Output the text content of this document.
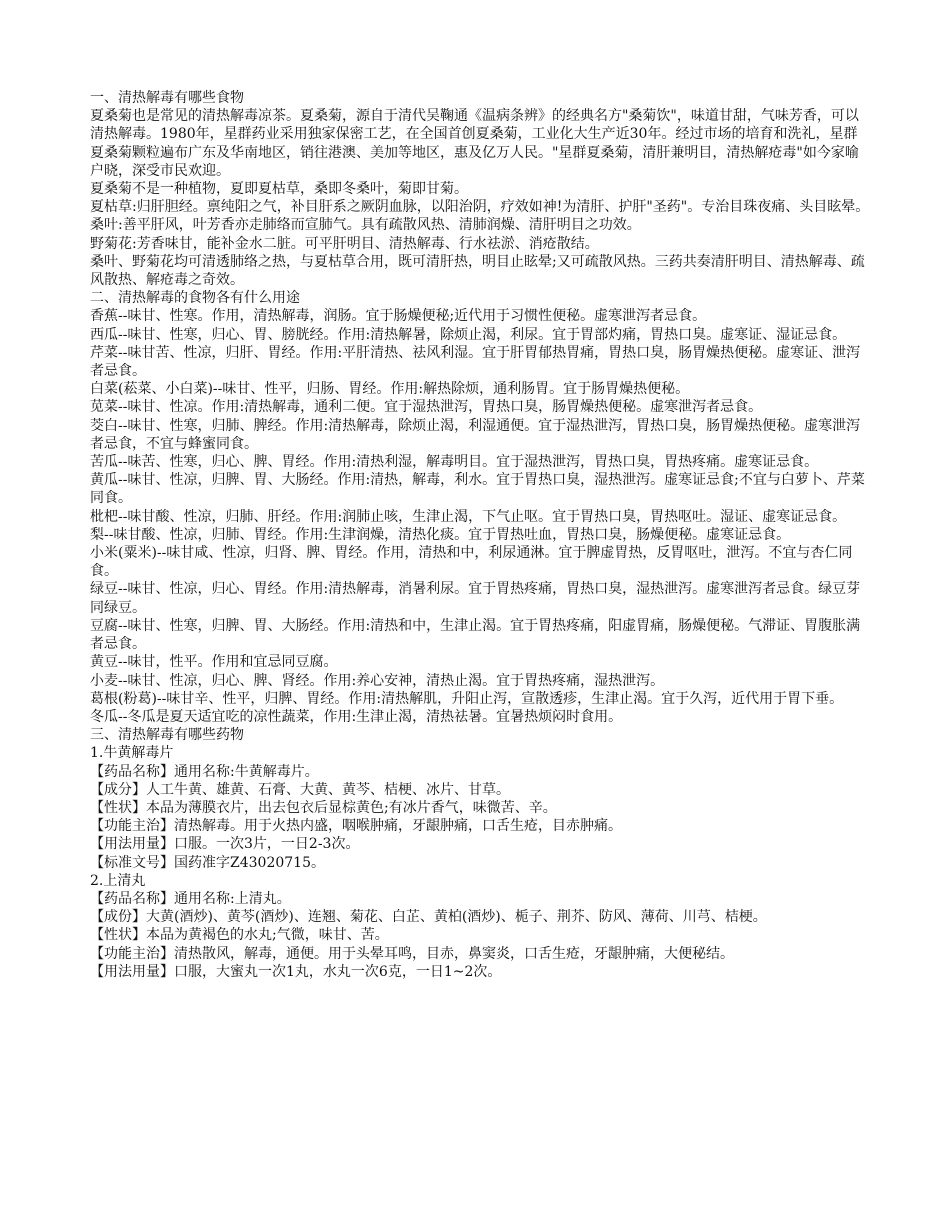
一、清热解毒有哪些食物

夏桑菊也是常见的清热解毒凉茶。夏桑菊，源自于清代吴鞠通《温病条辨》的经典名方"桑菊饮"，味道甘甜，气味芳香，可以清热解毒。1980年，星群药业采用独家保密工艺，在全国首创夏桑菊，工业化大生产近30年。经过市场的培育和洗礼，星群夏桑菊颗粒遍布广东及华南地区，销往港澳、美加等地区，惠及亿万人民。"星群夏桑菊，清肝兼明目，清热解疮毒"如今家喻户晓，深受市民欢迎。

夏桑菊不是一种植物，夏即夏枯草，桑即冬桑叶，菊即甘菊。

夏枯草:归肝胆经。禀纯阳之气，补目肝系之厥阴血脉，以阳治阴，疗效如神!为清肝、护肝"圣药"。专治目珠夜痛、头目眩晕。

桑叶:善平肝风，叶芳香亦走肺络而宣肺气。具有疏散风热、清肺润燥、清肝明目之功效。

野菊花:芳香味甘，能补金水二脏。可平肝明目、清热解毒、行水祛淤、消疮散结。

桑叶、野菊花均可清透肺络之热，与夏枯草合用，既可清肝热，明目止眩晕;又可疏散风热。三药共奏清肝明目、清热解毒、疏风散热、解疮毒之奇效。

二、清热解毒的食物各有什么用途

香蕉--味甘、性寒。作用，清热解毒，润肠。宜于肠燥便秘;近代用于习惯性便秘。虚寒泄泻者忌食。

西瓜--味甘、性寒，归心、胃、膀胱经。作用:清热解暑，除烦止渴，利尿。宜于胃部灼痛，胃热口臭。虚寒证、湿证忌食。

芹菜--味甘苦、性凉，归肝、胃经。作用:平肝清热、祛风利湿。宜于肝胃郁热胃痛，胃热口臭，肠胃燥热便秘。虚寒证、泄泻者忌食。

白菜(菘菜、小白菜)--味甘、性平，归肠、胃经。作用:解热除烦，通利肠胃。宜于肠胃燥热便秘。

苋菜--味甘、性凉。作用:清热解毒，通利二便。宜于湿热泄泻，胃热口臭，肠胃燥热便秘。虚寒泄泻者忌食。

茭白--味甘、性寒，归肺、脾经。作用:清热解毒，除烦止渴，利湿通便。宜于湿热泄泻，胃热口臭，肠胃燥热便秘。虚寒泄泻者忌食，不宜与蜂蜜同食。

苦瓜--味苦、性寒，归心、脾、胃经。作用:清热利湿，解毒明目。宜于湿热泄泻，胃热口臭，胃热疼痛。虚寒证忌食。

黄瓜--味甘、性凉，归脾、胃、大肠经。作用:清热，解毒，利水。宜于胃热口臭，湿热泄泻。虚寒证忌食;不宜与白萝卜、芹菜同食。

枇杷--味甘酸、性凉，归肺、肝经。作用:润肺止咳，生津止渴，下气止呕。宜于胃热口臭，胃热呕吐。湿证、虚寒证忌食。

梨--味甘酸、性凉，归肺、胃经。作用:生津润燥，清热化痰。宜于胃热吐血，胃热口臭，肠燥便秘。虚寒证忌食。

小米(粟米)--味甘咸、性凉，归肾、脾、胃经。作用，清热和中，利尿通淋。宜于脾虚胃热，反胃呕吐，泄泻。不宜与杏仁同食。

绿豆--味甘、性凉，归心、胃经。作用:清热解毒，消暑利尿。宜于胃热疼痛，胃热口臭，湿热泄泻。虚寒泄泻者忌食。绿豆芽同绿豆。

豆腐--味甘、性寒，归脾、胃、大肠经。作用:清热和中，生津止渴。宜于胃热疼痛，阳虚胃痛，肠燥便秘。气滞证、胃腹胀满者忌食。

黄豆--味甘，性平。作用和宜忌同豆腐。

小麦--味甘、性凉，归心、脾、肾经。作用:养心安神，清热止渴。宜于胃热疼痛，湿热泄泻。

葛根(粉葛)--味甘辛、性平，归脾、胃经。作用:清热解肌，升阳止泻，宣散透疹，生津止渴。宜于久泻，近代用于胃下垂。

冬瓜--冬瓜是夏天适宜吃的凉性蔬菜，作用:生津止渴，清热祛暑。宜暑热烦闷时食用。

三、清热解毒有哪些药物

1.牛黄解毒片

【药品名称】通用名称:牛黄解毒片。

【成分】人工牛黄、雄黄、石膏、大黄、黄芩、桔梗、冰片、甘草。

【性状】本品为薄膜衣片，出去包衣后显棕黄色;有冰片香气，味微苦、辛。

【功能主治】清热解毒。用于火热内盛，咽喉肿痛，牙龈肿痛，口舌生疮，目赤肿痛。

【用法用量】口服。一次3片，一日2-3次。

【标准文号】国药准字Z43020715。

2.上清丸

【药品名称】通用名称:上清丸。

【成份】大黄(酒炒)、黄芩(酒炒)、连翘、菊花、白芷、黄柏(酒炒)、栀子、荆芥、防风、薄荷、川芎、桔梗。

【性状】本品为黄褐色的水丸;气微，味甘、苦。

【功能主治】清热散风，解毒，通便。用于头晕耳鸣，目赤，鼻窦炎，口舌生疮，牙龈肿痛，大便秘结。

【用法用量】口服，大蜜丸一次1丸，水丸一次6克，一日1~2次。
